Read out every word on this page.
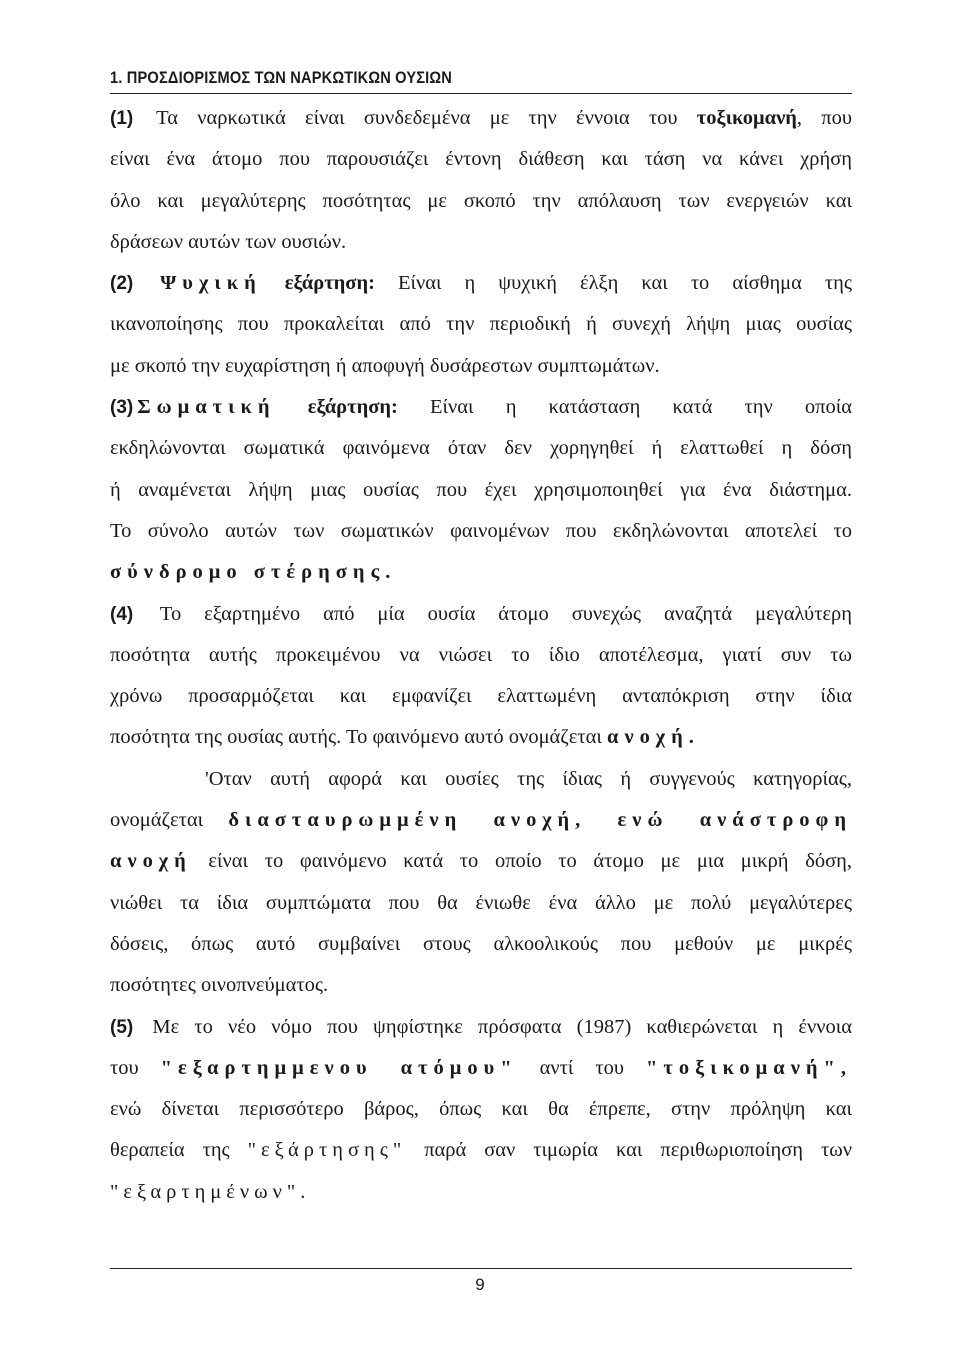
1. ΠΡΟΣΔΙΟΡΙΣΜΟΣ ΤΩΝ ΝΑΡΚΩΤΙΚΩΝ ΟΥΣΙΩΝ
(1) Τα ναρκωτικά είναι συνδεδεμένα με την έννοια του τοξικομανή, που
είναι ένα άτομο που παρουσιάζει έντονη διάθεση και τάση να κάνει χρήση
όλο και μεγαλύτερης ποσότητας με σκοπό την απόλαυση των ενεργειών και
δράσεων αυτών των ουσιών.
(2) Ψυχική εξάρτηση: Είναι η ψυχική έλξη και το αίσθημα της
ικανοποίησης που προκαλείται από την περιοδική ή συνεχή λήψη μιας ουσίας
με σκοπό την ευχαρίστηση ή αποφυγή δυσάρεστων συμπτωμάτων.
(3) Σωματική εξάρτηση: Είναι η κατάσταση κατά την οποία
εκδηλώνονται σωματικά φαινόμενα όταν δεν χορηγηθεί ή ελαττωθεί η δόση
ή αναμένεται λήψη μιας ουσίας που έχει χρησιμοποιηθεί για ένα διάστημα.
Το σύνολο αυτών των σωματικών φαινομένων που εκδηλώνονται αποτελεί το
σύνδρομο στέρησης.
(4) Το εξαρτημένο από μία ουσία άτομο συνεχώς αναζητά μεγαλύτερη
ποσότητα αυτής προκειμένου να νιώσει το ίδιο αποτέλεσμα, γιατί συν τω
χρόνω προσαρμόζεται και εμφανίζει ελαττωμένη ανταπόκριση στην ίδια
ποσότητα της ουσίας αυτής. Το φαινόμενο αυτό ονομάζεται ανοχή.
'Οταν αυτή αφορά και ουσίες της ίδιας ή συγγενούς κατηγορίας,
ονομάζεται διασταυρωμμένη ανοχή, ενώ ανάστροφη
ανοχή είναι το φαινόμενο κατά το οποίο το άτομο με μια μικρή δόση,
νιώθει τα ίδια συμπτώματα που θα ένιωθε ένα άλλο με πολύ μεγαλύτερες
δόσεις, όπως αυτό συμβαίνει στους αλκοολικούς που μεθούν με μικρές
ποσότητες οινοπνεύματος.
(5) Με το νέο νόμο που ψηφίστηκε πρόσφατα (1987) καθιερώνεται η έννοια
του "εξαρτημμενου ατόμου" αντί του "τοξικομανή",
ενώ δίνεται περισσότερο βάρος, όπως και θα έπρεπε, στην πρόληψη και
θεραπεία της "εξάρτησης" παρά σαν τιμωρία και περιθωριοποίηση των
"εξαρτημένων".
9
